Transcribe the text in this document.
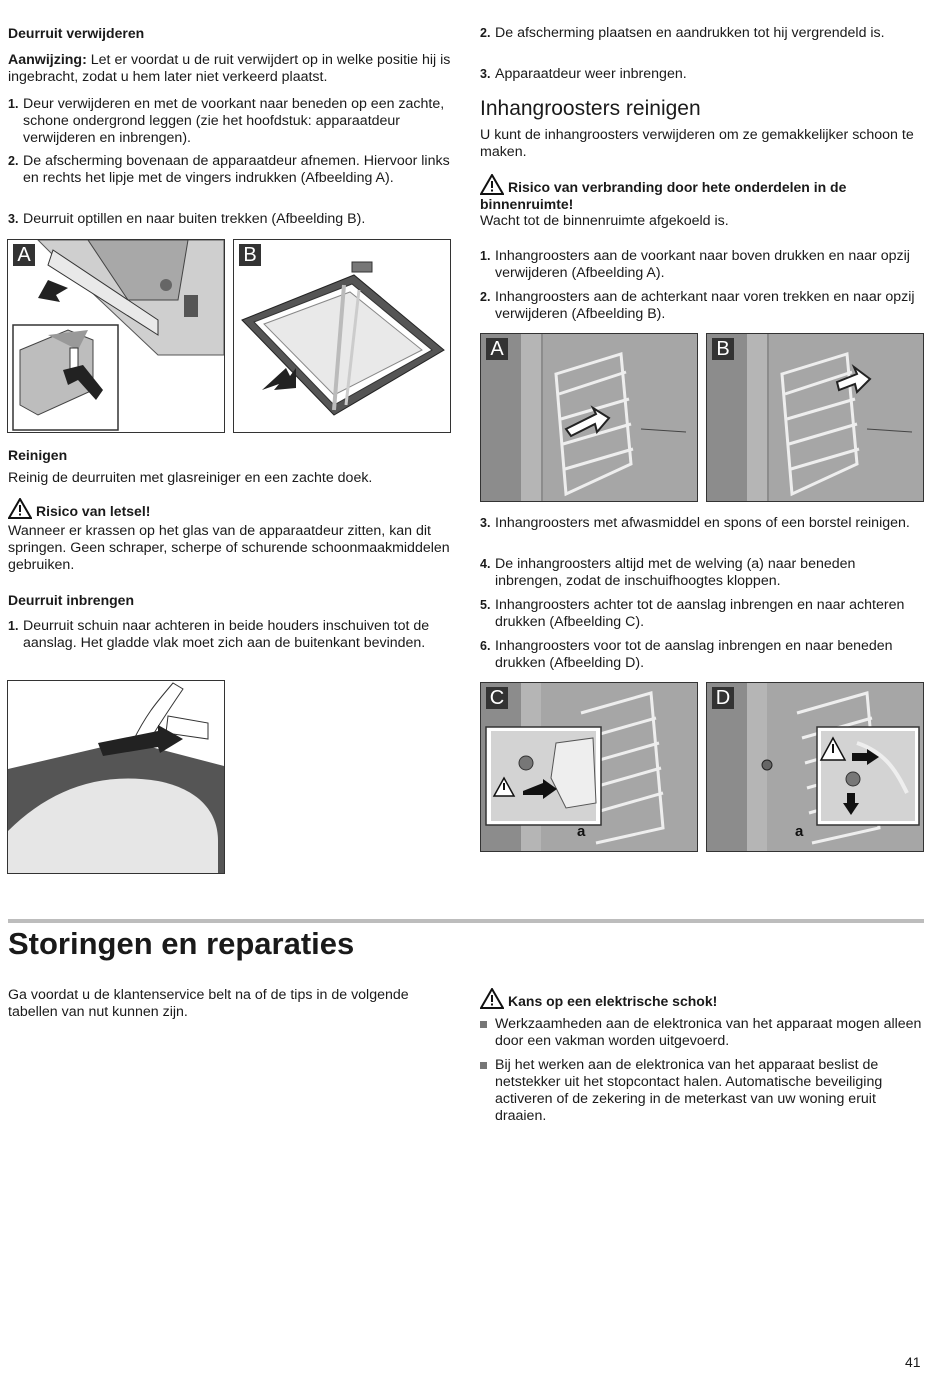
Deurruit verwijderen

Aanwijzing: Let er voordat u de ruit verwijdert op in welke positie hij is ingebracht, zodat u hem later niet verkeerd plaatst.

1. Deur verwijderen en met de voorkant naar beneden op een zachte, schone ondergrond leggen (zie het hoofdstuk: apparaatdeur verwijderen en inbrengen).
2. De afscherming bovenaan de apparaatdeur afnemen. Hiervoor links en rechts het lipje met de vingers indrukken (Afbeelding A).
3. Deurruit optillen en naar buiten trekken (Afbeelding B).
A	B
Reinigen

Reinig de deurruiten met glasreiniger en een zachte doek.

Risico van letsel!

Wanneer er krassen op het glas van de apparaatdeur zitten, kan dit springen. Geen schraper, scherpe of schurende schoonmaakmiddelen gebruiken.

Deurruit inbrengen
1. Deurruit schuin naar achteren in beide houders inschuiven tot de aanslag. Het gladde vlak moet zich aan de buitenkant bevinden.
2. De afscherming plaatsen en aandrukken tot hij vergrendeld is.
3. Apparaatdeur weer inbrengen.
Inhangroosters reinigen

U kunt de inhangroosters verwijderen om ze gemakkelijker schoon te maken.

Risico van verbranding door hete onderdelen in de binnenruimte!

Wacht tot de binnenruimte afgekoeld is.

1. Inhangroosters aan de voorkant naar boven drukken en naar opzij verwijderen (Afbeelding A).
2. Inhangroosters aan de achterkant naar voren trekken en naar opzij verwijderen (Afbeelding B).
A	B
3. Inhangroosters met afwasmiddel en spons of een borstel reinigen.
4. De inhangroosters altijd met de welving (a) naar beneden inbrengen, zodat de inschuifhoogtes kloppen.
5. Inhangroosters achter tot de aanslag inbrengen en naar achteren drukken (Afbeelding C).
6. Inhangroosters voor tot de aanslag inbrengen en naar beneden drukken (Afbeelding D).
C
a
D
a
Storingen en reparaties

Ga voordat u de klantenservice belt na of de tips in de volgende tabellen van nut kunnen zijn.

Kans op een elektrische schok!
Werkzaamheden aan de elektronica van het apparaat mogen alleen door een vakman worden uitgevoerd.
Bij het werken aan de elektronica van het apparaat beslist de netstekker uit het stopcontact halen. Automatische beveiliging activeren of de zekering in de meterkast van uw woning eruit draaien.
41
